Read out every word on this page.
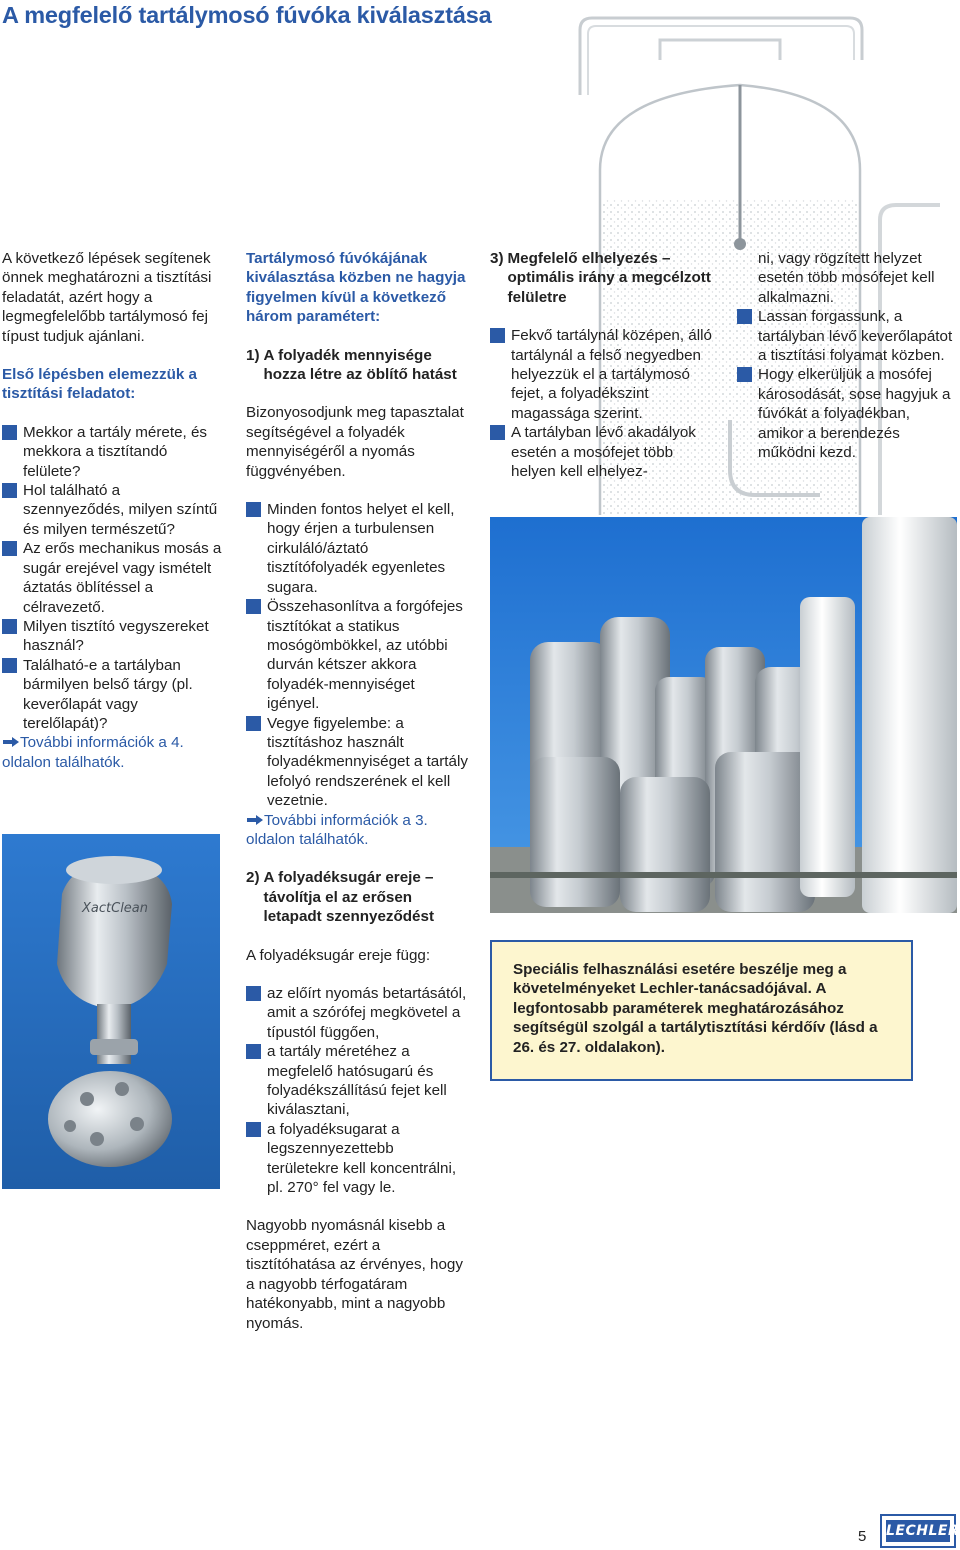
A megfelelő tartálymosó fúvóka kiválasztása

A következő lépések segítenek önnek meghatározni a tisztítási feladatát, azért hogy a legmegfelelőbb tartálymosó fej típust tudjuk ajánlani.

Első lépésben elemezzük a tisztítási feladatot:

Mekkor a tartály mérete, és mekkora a tisztítandó felülete?
Hol található a szennyeződés, milyen színtű és milyen természetű?
Az erős mechanikus mosás a sugár erejével vagy ismételt áztatás öblítéssel a célravezető.
Milyen tisztító vegyszereket használ?
Található-e a tartályban bármilyen belső tárgy (pl. keverőlapát vagy terelőlapát)?

További információk a 4. oldalon találhatók.

XactClean

Tartálymosó fúvókájának kiválasztása közben ne hagyja figyelmen kívül a következő három paramétert:

1) A folyadék mennyisége hozza létre az öblítő hatást

Bizonyosodjunk meg tapasztalat segítségével a folyadék mennyiségéről a nyomás függvényében.

Minden fontos helyet el kell, hogy érjen a turbulensen cirkuláló/áztató tisztítófolyadék egyenletes sugara.
Összehasonlítva a forgófejes tisztítókat a statikus mosógömbökkel, az utóbbi durván kétszer akkora folyadék-mennyiséget igényel.
Vegye figyelembe: a tisztításhoz használt folyadékmennyiséget a tartály lefolyó rendszerének el kell vezetnie.

További információk a 3. oldalon találhatók.

2) A folyadéksugár ereje – távolítja el az erősen letapadt szennyeződést

A folyadéksugár ereje függ:

az előírt nyomás betartásától, amit a szórófej megkövetel a típustól függően,
a tartály méretéhez a megfelelő hatósugarú és folyadékszállítású fejet kell kiválasztani,
a folyadéksugarat a legszennyezettebb területekre kell koncentrálni, pl. 270° fel vagy le.

Nagyobb nyomásnál kisebb a cseppméret, ezért a tisztítóhatása az érvényes, hogy a nagyobb térfogatáram hatékonyabb, mint a nagyobb nyomás.

3) Megfelelő elhelyezés – optimális irány a megcélzott felületre
Fekvő tartálynál középen, álló tartálynál a felső negyedben helyezzük el a tartálymosó fejet, a folyadékszint magassága szerint.
A tartályban lévő akadályok esetén a mosófejet több helyen kell elhelyez-

ni, vagy rögzített helyzet esetén több mosófejet kell alkalmazni.

Lassan forgassunk, a tartályban lévő keverőlapátot a tisztítási folyamat közben.
Hogy elkerüljük a mosófej károsodását, sose hagyjuk a fúvókát a folyadékban, amikor a berendezés működni kezd.
Speciális felhasználási esetére beszélje meg a követelményeket Lechler-tanácsadójával. A legfontosabb paraméterek meghatározásához segítségül szolgál a tartálytisztítási kérdőív (lásd a 26. és 27. oldalakon).
5 LECHLER
